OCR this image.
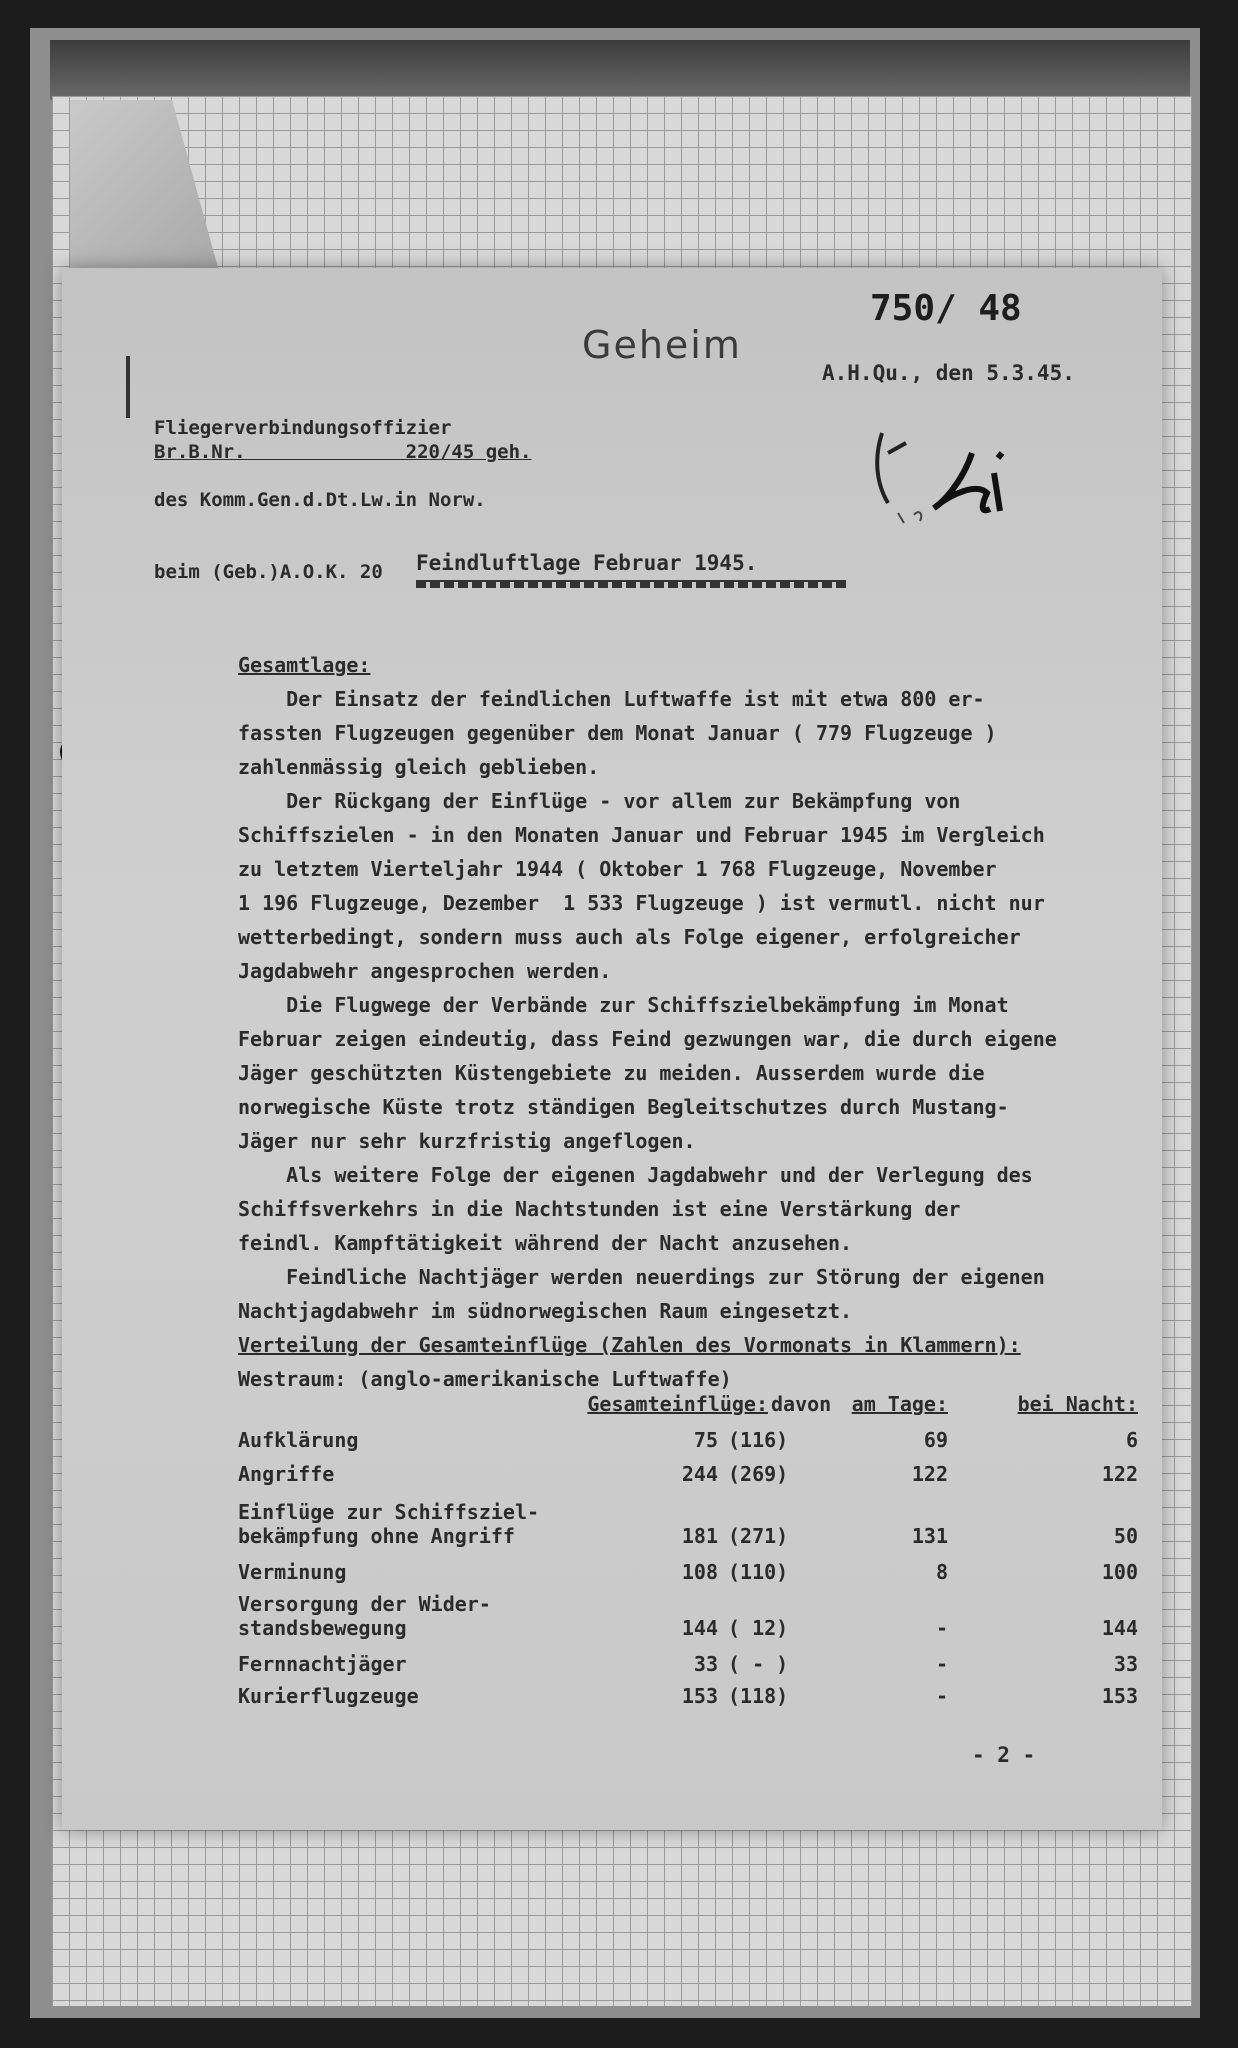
750/ 48
Geheim

Fliegerverbindungsoffizier

des Komm.Gen.d.Dt.Lw.in Norw.

beim (Geb.)A.O.K. 20

Br.B.Nr.	220/45 geh.
A.H.Qu., den 5.3.45.
Feindluftlage Februar 1945.
Gesamtlage:
Der Einsatz der feindlichen Luftwaffe ist mit etwa 800 er-
fassten Flugzeugen gegenüber dem Monat Januar ( 779 Flugzeuge )
zahlenmässig gleich geblieben.
Der Rückgang der Einflüge - vor allem zur Bekämpfung von
Schiffszielen - in den Monaten Januar und Februar 1945 im Vergleich
zu letztem Vierteljahr 1944 ( Oktober 1 768 Flugzeuge, November
1 196 Flugzeuge, Dezember  1 533 Flugzeuge ) ist vermutl. nicht nur
wetterbedingt, sondern muss auch als Folge eigener, erfolgreicher
Jagdabwehr angesprochen werden.
Die Flugwege der Verbände zur Schiffszielbekämpfung im Monat
Februar zeigen eindeutig, dass Feind gezwungen war, die durch eigene
Jäger geschützten Küstengebiete zu meiden. Ausserdem wurde die
norwegische Küste trotz ständigen Begleitschutzes durch Mustang-
Jäger nur sehr kurzfristig angeflogen.
Als weitere Folge der eigenen Jagdabwehr und der Verlegung des
Schiffsverkehrs in die Nachtstunden ist eine Verstärkung der
feindl. Kampftätigkeit während der Nacht anzusehen.
Feindliche Nachtjäger werden neuerdings zur Störung der eigenen
Nachtjagdabwehr im südnorwegischen Raum eingesetzt.
Verteilung der Gesamteinflüge (Zahlen des Vormonats in Klammern):
Westraum: (anglo-amerikanische Luftwaffe)
Gesamteinflüge: davon	am Tage:	bei Nacht:
Aufklärung	75 (116)	69	6
Angriffe	244 (269)	122	122
Einflüge zur Schiffsziel-
bekämpfung ohne Angriff	181 (271)	131	50
Verminung	108 (110)	8	100
Versorgung der Wider-
standsbewegung	144 ( 12)	-	144
Fernnachtjäger	33 ( - )	-	33
Kurierflugzeuge	153 (118)	-	153
- 2 -
